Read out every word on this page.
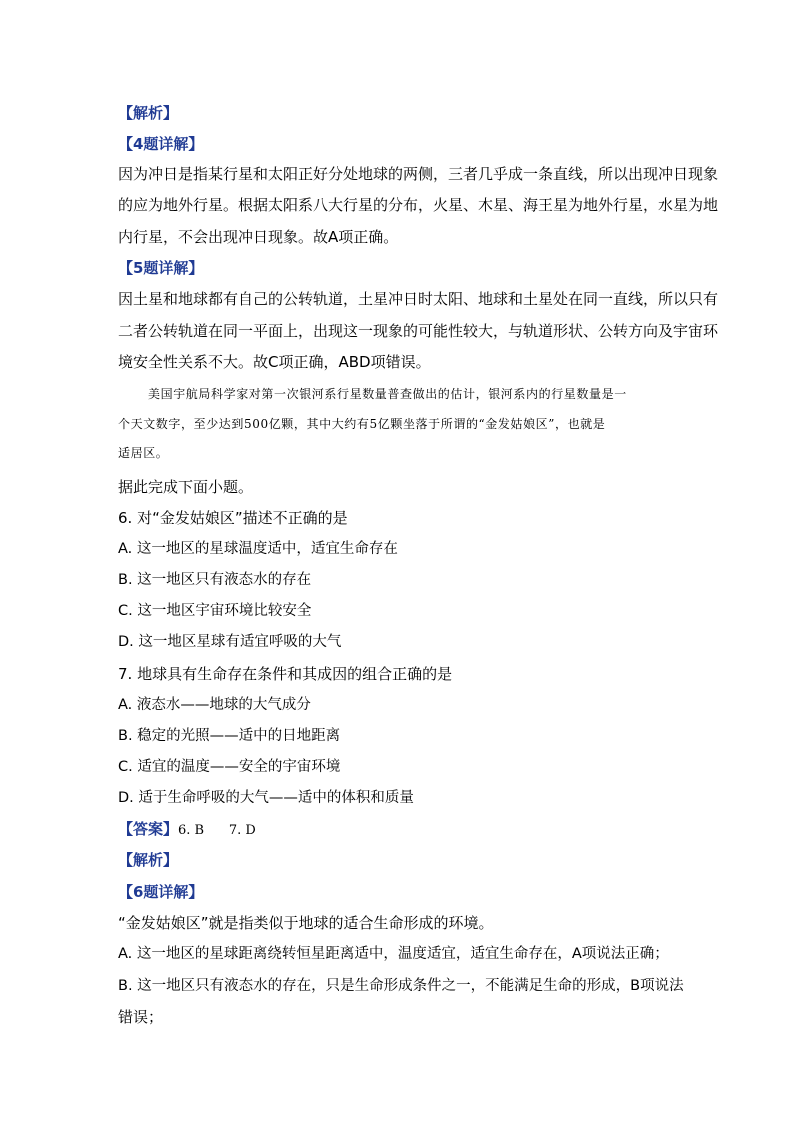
【解析】
【4题详解】
因为冲日是指某行星和太阳正好分处地球的两侧，三者几乎成一条直线，所以出现冲日现象
的应为地外行星。根据太阳系八大行星的分布，火星、木星、海王星为地外行星，水星为地
内行星，不会出现冲日现象。故A项正确。
【5题详解】
因土星和地球都有自己的公转轨道，土星冲日时太阳、地球和土星处在同一直线，所以只有
二者公转轨道在同一平面上，出现这一现象的可能性较大，与轨道形状、公转方向及宇宙环
境安全性关系不大。故C项正确，ABD项错误。
美国宇航局科学家对第一次银河系行星数量普查做出的估计，银河系内的行星数量是一
个天文数字，至少达到500亿颗，其中大约有5亿颗坐落于所谓的“金发姑娘区”，也就是
适居区。
据此完成下面小题。
6. 对“金发姑娘区”描述不正确的是
A. 这一地区的星球温度适中，适宜生命存在
B. 这一地区只有液态水的存在
C. 这一地区宇宙环境比较安全
D. 这一地区星球有适宜呼吸的大气
7. 地球具有生命存在条件和其成因的组合正确的是
A. 液态水——地球的大气成分
B. 稳定的光照——适中的日地距离
C. 适宜的温度——安全的宇宙环境
D. 适于生命呼吸的大气——适中的体积和质量
【答案】6. B      7. D
【解析】
【6题详解】
“金发姑娘区”就是指类似于地球的适合生命形成的环境。
A. 这一地区的星球距离绕转恒星距离适中，温度适宜，适宜生命存在，A项说法正确；
B. 这一地区只有液态水的存在，只是生命形成条件之一，不能满足生命的形成，B项说法
错误；
